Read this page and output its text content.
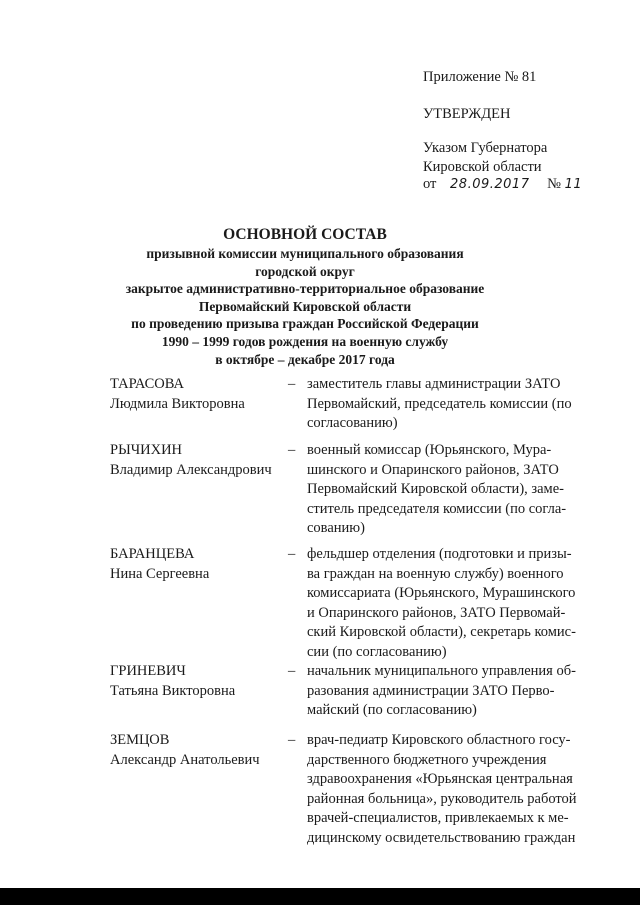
Приложение № 81
УТВЕРЖДЕН
Указом Губернатора
Кировской области
от 28.09.2017 № 11
ОСНОВНОЙ СОСТАВ
призывной комиссии муниципального образования
городской округ
закрытое административно-территориальное образование
Первомайский Кировской области
по проведению призыва граждан Российской Федерации
1990 – 1999 годов рождения на военную службу
в октябре – декабре 2017 года
ТАРАСОВА
Людмила Викторовна
– заместитель главы администрации ЗАТО
Первомайский, председатель комиссии (по
согласованию)
РЫЧИХИН
Владимир Александрович
– военный комиссар (Юрьянского, Мура-
шинского и Опаринского районов, ЗАТО
Первомайский Кировской области), заме-
ститель председателя комиссии (по согла-
сованию)
БАРАНЦЕВА
Нина Сергеевна
– фельдшер отделения (подготовки и призы-
ва граждан на военную службу) военного
комиссариата (Юрьянского, Мурашинского
и Опаринского районов, ЗАТО Первомай-
ский Кировской области), секретарь комис-
сии (по согласованию)
ГРИНЕВИЧ
Татьяна Викторовна
– начальник муниципального управления об-
разования администрации ЗАТО Перво-
майский (по согласованию)
ЗЕМЦОВ
Александр Анатольевич
– врач-педиатр Кировского областного госу-
дарственного бюджетного учреждения
здравоохранения «Юрьянская центральная
районная больница», руководитель работой
врачей-специалистов, привлекаемых к ме-
дицинскому освидетельствованию граждан
